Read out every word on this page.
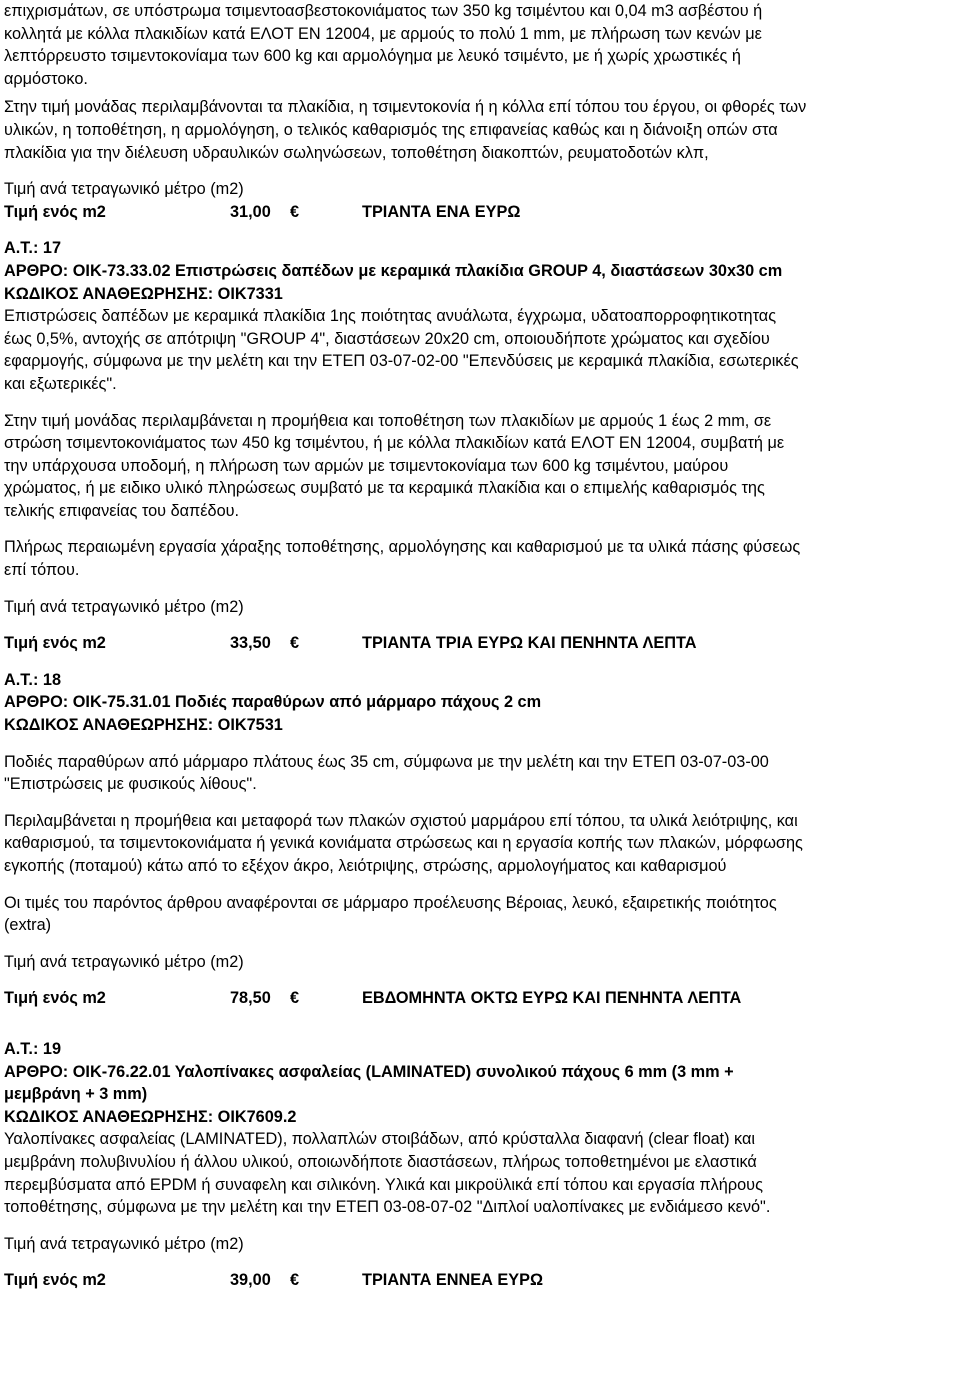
επιχρισμάτων, σε υπόστρωμα τσιμεντοασβεστοκονιάματος των 350 kg τσιμέντου και 0,04 m3 ασβέστου ή
κολλητά με κόλλα πλακιδίων κατά ΕΛΟΤ ΕΝ 12004, με αρμούς το πολύ 1 mm, με πλήρωση των κενών με
λεπτόρρευστο τσιμεντοκονίαμα των 600 kg και αρμολόγημα με λευκό τσιμέντο, με ή χωρίς χρωστικές ή
αρμόστοκο.

Στην τιμή μονάδας περιλαμβάνονται τα πλακίδια, η τσιμεντοκονία ή η κόλλα επί τόπου του έργου, οι φθορές των
υλικών, η τοποθέτηση, η αρμολόγηση, ο τελικός καθαρισμός της επιφανείας καθώς και η διάνοιξη οπών στα
πλακίδια για την διέλευση υδραυλικών σωληνώσεων, τοποθέτηση διακοπτών, ρευματοδοτών κλπ,

Τιμή ανά τετραγωνικό μέτρο (m2)

Τιμή ενός m2	31,00	€	ΤΡΙΑΝΤΑ ΕΝΑ ΕΥΡΩ

Α.Τ.: 17

ΑΡΘΡΟ: ΟΙΚ-73.33.02 Επιστρώσεις δαπέδων με κεραμικά πλακίδια GROUP 4, διαστάσεων 30x30 cm

ΚΩΔΙΚΟΣ ΑΝΑΘΕΩΡΗΣΗΣ: ΟΙΚ7331

Επιστρώσεις δαπέδων με κεραμικά πλακίδια 1ης ποιότητας ανυάλωτα, έγχρωμα, υδατοαπορροφητικοτητας
έως 0,5%, αντοχής σε απότριψη "GROUP 4", διαστάσεων 20x20 cm, οποιουδήποτε χρώματος και σχεδίου
εφαρμογής, σύμφωνα με την μελέτη και την ΕΤΕΠ 03-07-02-00 "Επενδύσεις με κεραμικά πλακίδια, εσωτερικές
και εξωτερικές".

Στην τιμή μονάδας περιλαμβάνεται η προμήθεια και τοποθέτηση των πλακιδίων με αρμούς 1 έως 2 mm, σε
στρώση τσιμεντοκονιάματος των 450 kg τσιμέντου, ή με κόλλα πλακιδίων κατά ΕΛΟΤ ΕΝ 12004, συμβατή με
την υπάρχουσα υποδομή, η πλήρωση των αρμών με τσιμεντοκονίαμα των 600 kg τσιμέντου, μαύρου
χρώματος, ή με ειδικο υλικό πληρώσεως συμβατό με τα κεραμικά πλακίδια και ο επιμελής καθαρισμός της
τελικής επιφανείας του δαπέδου.

Πλήρως περαιωμένη εργασία χάραξης τοποθέτησης, αρμολόγησης και καθαρισμού με τα υλικά πάσης φύσεως
επί τόπου.

Τιμή ανά τετραγωνικό μέτρο (m2)

Τιμή ενός m2	33,50	€	ΤΡΙΑΝΤΑ ΤΡΙΑ ΕΥΡΩ ΚΑΙ ΠΕΝΗΝΤΑ ΛΕΠΤΑ

Α.Τ.: 18

ΑΡΘΡΟ: ΟΙΚ-75.31.01 Ποδιές παραθύρων από μάρμαρο πάχους 2 cm

ΚΩΔΙΚΟΣ ΑΝΑΘΕΩΡΗΣΗΣ: ΟΙΚ7531

Ποδιές παραθύρων από μάρμαρο πλάτους έως 35 cm, σύμφωνα με την μελέτη και την ΕΤΕΠ 03-07-03-00
"Επιστρώσεις με φυσικούς λίθους".

Περιλαμβάνεται η προμήθεια και μεταφορά των πλακών σχιστού μαρμάρου επί τόπου, τα υλικά λειότριψης, και
καθαρισμού, τα τσιμεντοκονιάματα ή γενικά κονιάματα στρώσεως και η εργασία κοπής των πλακών, μόρφωσης
εγκοπής (ποταμού) κάτω από το εξέχον άκρο, λειότριψης, στρώσης, αρμολογήματος και καθαρισμού

Οι τιμές του παρόντος άρθρου αναφέρονται σε μάρμαρο προέλευσης Βέροιας, λευκό, εξαιρετικής ποιότητος
(extra)

Τιμή ανά τετραγωνικό μέτρο (m2)

Τιμή ενός m2	78,50	€	ΕΒΔΟΜΗΝΤΑ ΟΚΤΩ ΕΥΡΩ ΚΑΙ ΠΕΝΗΝΤΑ ΛΕΠΤΑ

Α.Τ.: 19

ΑΡΘΡΟ: ΟΙΚ-76.22.01 Υαλοπίνακες ασφαλείας (LAMINATED) συνολικού πάχους 6 mm (3 mm +
μεμβράνη + 3 mm)

ΚΩΔΙΚΟΣ ΑΝΑΘΕΩΡΗΣΗΣ: ΟΙΚ7609.2

Υαλοπίνακες ασφαλείας (LAMINATED), πολλαπλών στοιβάδων, από κρύσταλλα διαφανή (clear float) και
μεμβράνη πολυβινυλίου ή άλλου υλικού, οποιωνδήποτε διαστάσεων, πλήρως τοποθετημένοι με ελαστικά
περεμβύσματα από EPDM ή συναφελη και σιλικόνη. Υλικά και μικροϋλικά επί τόπου και εργασία πλήρους
τοποθέτησης, σύμφωνα με την μελέτη και την ΕΤΕΠ 03-08-07-02 "Διπλοί υαλοπίνακες με ενδιάμεσο κενό".

Τιμή ανά τετραγωνικό μέτρο (m2)

Τιμή ενός m2	39,00	€	ΤΡΙΑΝΤΑ ΕΝΝΕΑ ΕΥΡΩ
